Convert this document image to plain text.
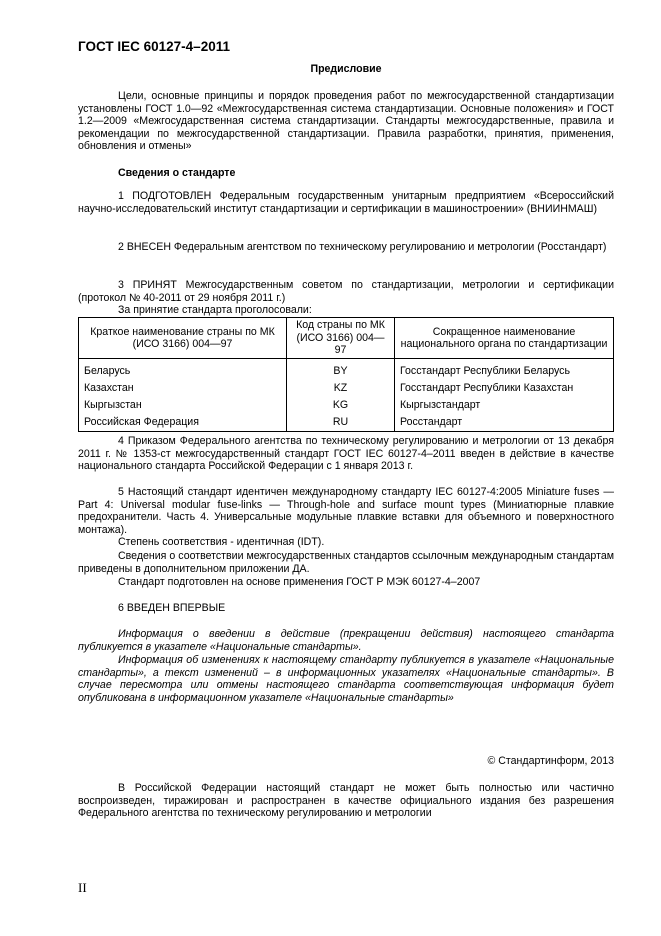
ГОСТ IEC 60127-4–2011
Предисловие
Цели, основные принципы и порядок проведения работ по межгосударственной стандартизации установлены ГОСТ 1.0—92 «Межгосударственная система стандартизации. Основные положения» и ГОСТ 1.2—2009 «Межгосударственная система стандартизации. Стандарты межгосударственные, правила и рекомендации по межгосударственной стандартизации. Правила разработки, принятия, применения, обновления и отмены»
Сведения о стандарте
1 ПОДГОТОВЛЕН Федеральным государственным унитарным предприятием «Всероссийский научно-исследовательский институт стандартизации и сертификации в машиностроении» (ВНИИНМАШ)
2 ВНЕСЕН Федеральным агентством по техническому регулированию и метрологии (Росстандарт)
3 ПРИНЯТ Межгосударственным советом по стандартизации, метрологии и сертификации (протокол № 40-2011 от 29 ноября 2011 г.)
За принятие стандарта проголосовали:
Краткое наименование страны по МК (ИСО 3166) 004—97	Код страны по МК (ИСО 3166) 004—97	Сокращенное наименование национального органа по стандартизации
Беларусь	BY	Госстандарт Республики Беларусь
Казахстан	KZ	Госстандарт Республики Казахстан
Кыргызстан	KG	Кыргызстандарт
Российская Федерация	RU	Росстандарт
4 Приказом Федерального агентства по техническому регулированию и метрологии от 13 декабря 2011 г. № 1353-ст межгосударственный стандарт ГОСТ IEC 60127-4–2011 введен в действие в качестве национального стандарта Российской Федерации с 1 января 2013 г.
5 Настоящий стандарт идентичен международному стандарту IEC 60127-4:2005 Miniature fuses — Part 4: Universal modular fuse-links — Through-hole and surface mount types (Миниатюрные плавкие предохранители. Часть 4. Универсальные модульные плавкие вставки для объемного и поверхностного монтажа).
Степень соответствия - идентичная (IDT).
Сведения о соответствии межгосударственных стандартов ссылочным международным стандартам приведены в дополнительном приложении ДА.
Стандарт подготовлен на основе применения ГОСТ Р МЭК 60127-4–2007
6 ВВЕДЕН ВПЕРВЫЕ
Информация о введении в действие (прекращении действия) настоящего стандарта публикуется в указателе «Национальные стандарты».
Информация об изменениях к настоящему стандарту публикуется в указателе «Национальные стандарты», а текст изменений – в информационных указателях «Национальные стандарты». В случае пересмотра или отмены настоящего стандарта соответствующая информация будет опубликована в информационном указателе «Национальные стандарты»
© Стандартинформ, 2013
В Российской Федерации настоящий стандарт не может быть полностью или частично воспроизведен, тиражирован и распространен в качестве официального издания без разрешения Федерального агентства по техническому регулированию и метрологии
II
